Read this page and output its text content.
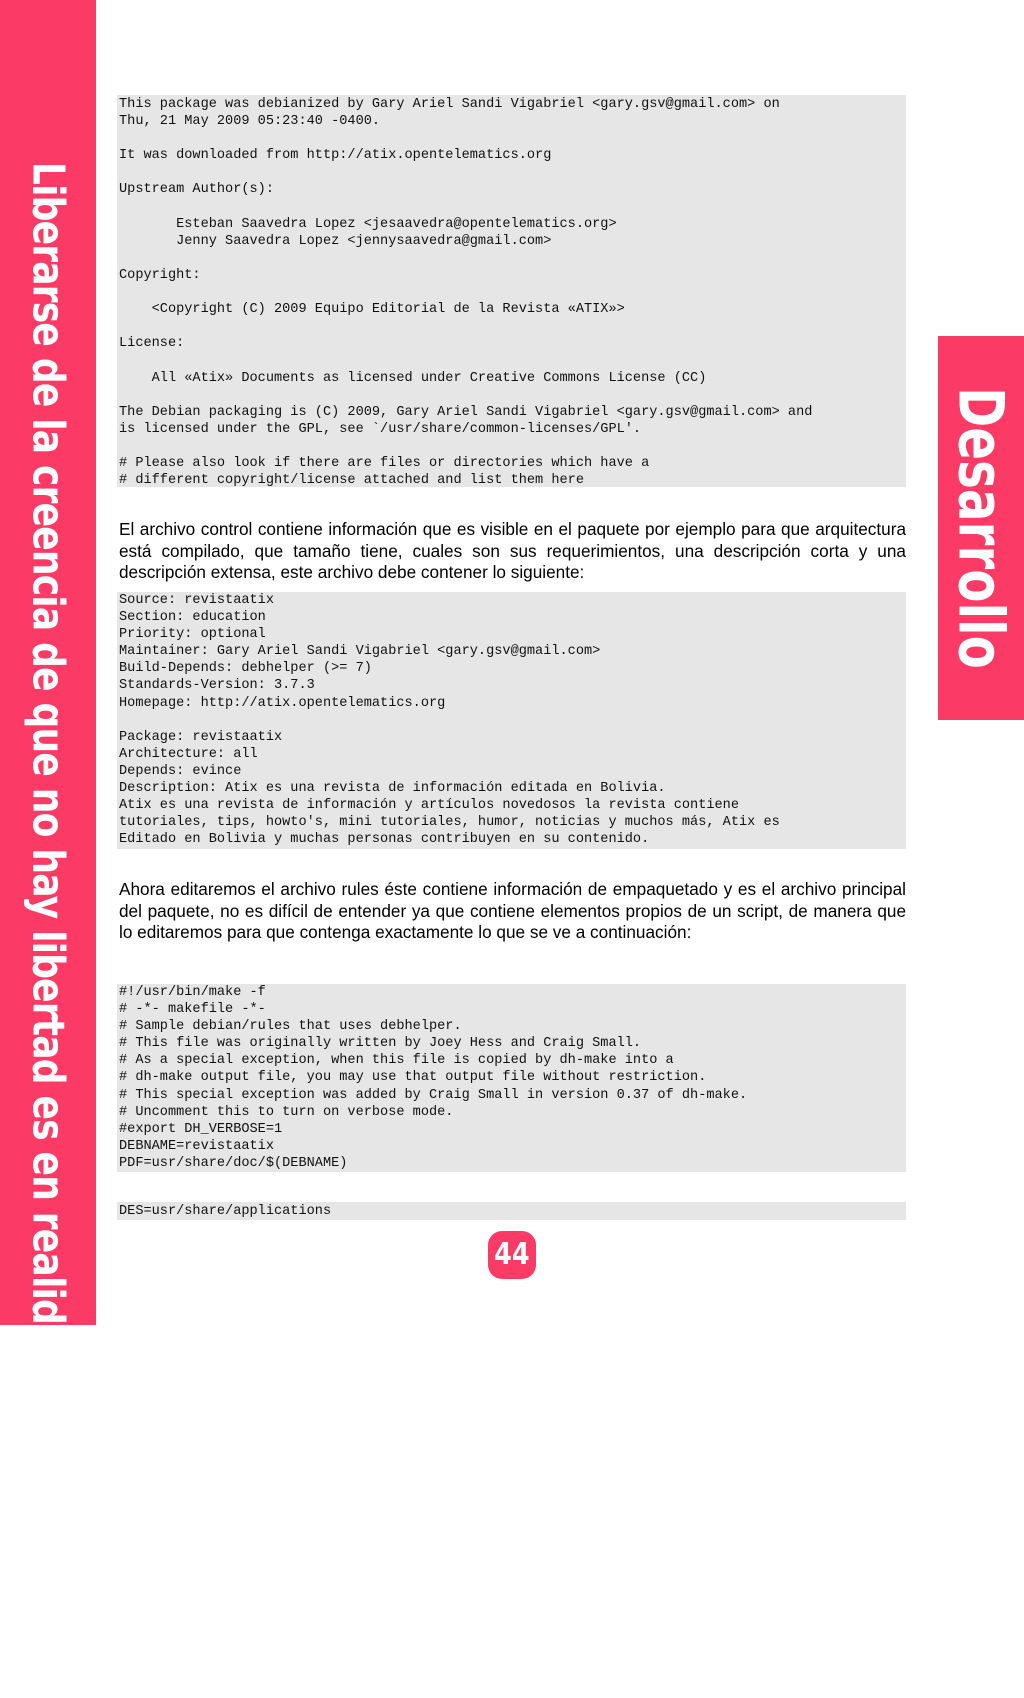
Liberarse de la creencia de que no hay libertad es en realidad ser libre	Desarrollo
This package was debianized by Gary Ariel Sandi Vigabriel <gary.gsv@gmail.com> on
Thu, 21 May 2009 05:23:40 -0400.

It was downloaded from http://atix.opentelematics.org

Upstream Author(s):

Esteban Saavedra Lopez <jesaavedra@opentelematics.org>
Jenny Saavedra Lopez <jennysaavedra@gmail.com>

Copyright:

<Copyright (C) 2009 Equipo Editorial de la Revista «ATIX»>

License:

All «Atix» Documents as licensed under Creative Commons License (CC)

The Debian packaging is (C) 2009, Gary Ariel Sandi Vigabriel <gary.gsv@gmail.com> and
is licensed under the GPL, see `/usr/share/common-licenses/GPL'.

# Please also look if there are files or directories which have a
# different copyright/license attached and list them here

El archivo control contiene información que es visible en el paquete por ejemplo para que arquitectura está compilado, que tamaño tiene, cuales son sus requerimientos, una descripción corta y una descripción extensa, este archivo debe contener lo siguiente:

Source: revistaatix
Section: education
Priority: optional
Maintainer: Gary Ariel Sandi Vigabriel <gary.gsv@gmail.com>
Build-Depends: debhelper (>= 7)
Standards-Version: 3.7.3
Homepage: http://atix.opentelematics.org

Package: revistaatix
Architecture: all
Depends: evince
Description: Atix es una revista de información editada en Bolivia.
Atix es una revista de información y artículos novedosos la revista contiene
tutoriales, tips, howto's, mini tutoriales, humor, noticias y muchos más, Atix es
Editado en Bolivia y muchas personas contribuyen en su contenido.

Ahora editaremos el archivo rules éste contiene información de empaquetado y es el archivo principal del paquete, no es difícil de entender ya que contiene elementos propios de un script, de manera que lo editaremos para que contenga exactamente lo que se ve a continuación:

#!/usr/bin/make -f
# -*- makefile -*-
# Sample debian/rules that uses debhelper.
# This file was originally written by Joey Hess and Craig Small.
# As a special exception, when this file is copied by dh-make into a
# dh-make output file, you may use that output file without restriction.
# This special exception was added by Craig Small in version 0.37 of dh-make.
# Uncomment this to turn on verbose mode.
#export DH_VERBOSE=1
DEBNAME=revistaatix
PDF=usr/share/doc/$(DEBNAME)
DES=usr/share/applications
44
